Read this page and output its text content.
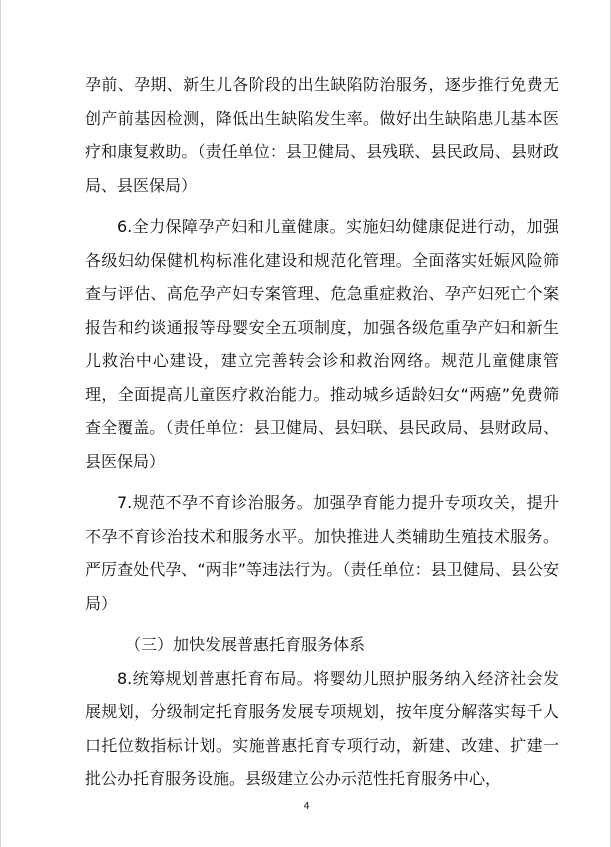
孕前、孕期、新生儿各阶段的出生缺陷防治服务，逐步推行免费无创产前基因检测，降低出生缺陷发生率。做好出生缺陷患儿基本医疗和康复救助。（责任单位：县卫健局、县残联、县民政局、县财政局、县医保局）

6.全力保障孕产妇和儿童健康。实施妇幼健康促进行动，加强各级妇幼保健机构标准化建设和规范化管理。全面落实妊娠风险筛查与评估、高危孕产妇专案管理、危急重症救治、孕产妇死亡个案报告和约谈通报等母婴安全五项制度，加强各级危重孕产妇和新生儿救治中心建设，建立完善转会诊和救治网络。规范儿童健康管理，全面提高儿童医疗救治能力。推动城乡适龄妇女“两癌”免费筛查全覆盖。（责任单位：县卫健局、县妇联、县民政局、县财政局、县医保局）

7.规范不孕不育诊治服务。加强孕育能力提升专项攻关，提升不孕不育诊治技术和服务水平。加快推进人类辅助生殖技术服务。严厉查处代孕、“两非”等违法行为。（责任单位：县卫健局、县公安局）

（三）加快发展普惠托育服务体系

8.统筹规划普惠托育布局。将婴幼儿照护服务纳入经济社会发展规划，分级制定托育服务发展专项规划，按年度分解落实每千人口托位数指标计划。实施普惠托育专项行动，新建、改建、扩建一批公办托育服务设施。县级建立公办示范性托育服务中心，

4
